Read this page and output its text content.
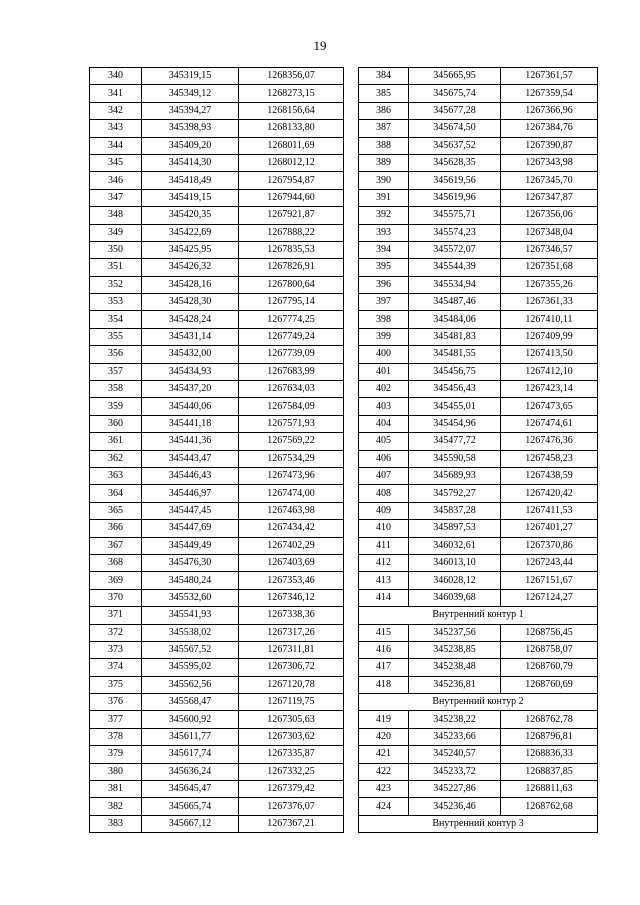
19
340	345319,15	1268356,07
341	345349,12	1268273,15
342	345394,27	1268156,64
343	345398,93	1268133,80
344	345409,20	1268011,69
345	345414,30	1268012,12
346	345418,49	1267954,87
347	345419,15	1267944,60
348	345420,35	1267921,87
349	345422,69	1267888,22
350	345425,95	1267835,53
351	345426,32	1267826,91
352	345428,16	1267800,64
353	345428,30	1267795,14
354	345428,24	1267774,25
355	345431,14	1267749,24
356	345432,00	1267739,09
357	345434,93	1267683,99
358	345437,20	1267634,03
359	345440,06	1267584,09
360	345441,18	1267571,93
361	345441,36	1267569,22
362	345443,47	1267534,29
363	345446,43	1267473,96
364	345446,97	1267474,00
365	345447,45	1267463,98
366	345447,69	1267434,42
367	345449,49	1267402,29
368	345476,30	1267403,69
369	345480,24	1267353,46
370	345532,60	1267346,12
371	345541,93	1267338,36
372	345538,02	1267317,26
373	345567,52	1267311,81
374	345595,02	1267306,72
375	345562,56	1267120,78
376	345568,47	1267119,75
377	345600,92	1267305,63
378	345611,77	1267303,62
379	345617,74	1267335,87
380	345636,24	1267332,25
381	345645,47	1267379,42
382	345665,74	1267376,07
383	345667,12	1267367,21
384	345665,95	1267361,57
385	345675,74	1267359,54
386	345677,28	1267366,96
387	345674,50	1267384,76
388	345637,52	1267390,87
389	345628,35	1267343,98
390	345619,56	1267345,70
391	345619,96	1267347,87
392	345575,71	1267356,06
393	345574,23	1267348,04
394	345572,07	1267346,57
395	345544,39	1267351,68
396	345534,94	1267355,26
397	345487,46	1267361,33
398	345484,06	1267410,11
399	345481,83	1267409,99
400	345481,55	1267413,50
401	345456,75	1267412,10
402	345456,43	1267423,14
403	345455,01	1267473,65
404	345454,96	1267474,61
405	345477,72	1267476,36
406	345590,58	1267458,23
407	345689,93	1267438,59
408	345792,27	1267420,42
409	345837,28	1267411,53
410	345897,53	1267401,27
411	346032,61	1267370,86
412	346013,10	1267243,44
413	346028,12	1267151,67
414	346039,68	1267124,27
Внутренний контур 1		
415	345237,56	1268756,45
416	345238,85	1268758,07
417	345238,48	1268760,79
418	345236,81	1268760,69
Внутренний контур 2		
419	345238,22	1268762,78
420	345233,66	1268796,81
421	345240,57	1268836,33
422	345233,72	1268837,85
423	345227,86	1268811,63
424	345236,46	1268762,68
Внутренний контур 3		
